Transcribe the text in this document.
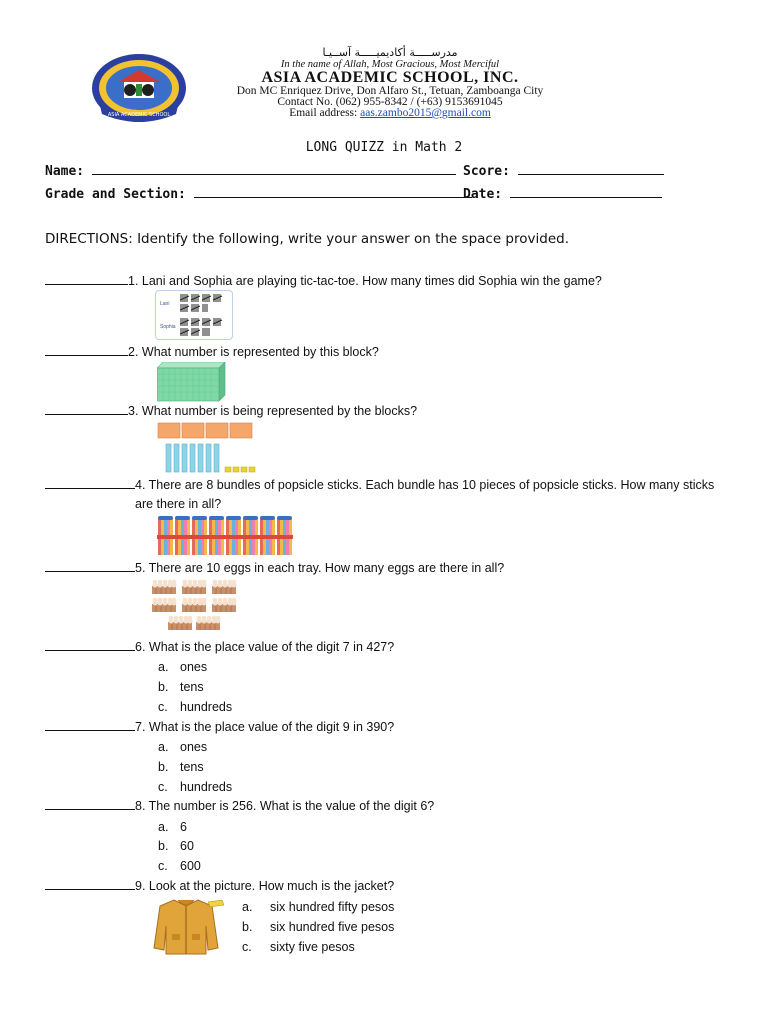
ASIA ACADEMIC SCHOOL
مدرســـــة أكاديميـــــة آســيـا
In the name of Allah, Most Gracious, Most Merciful
ASIA ACADEMIC SCHOOL, INC.
Don MC Enriquez Drive, Don Alfaro St., Tetuan, Zamboanga City
Contact No. (062) 955-8342 / (+63) 9153691045
Email address: aas.zambo2015@gmail.com
LONG QUIZZ in Math 2
Name:	Score:
Grade and Section:	Date:
DIRECTIONS: Identify the following, write your answer on the space provided.
1. Lani and Sophia are playing tic-tac-toe. How many times did Sophia win the game?
Lani
Sophia
2. What number is represented by this block?
3. What number is being represented by the blocks?
4. There are 8 bundles of popsicle sticks. Each bundle has 10 pieces of popsicle sticks. How many sticks
are there in all?
5. There are 10 eggs in each tray. How many eggs are there in all?
6. What is the place value of the digit 7 in 427?
a. ones
b. tens
c. hundreds
7. What is the place value of the digit 9 in 390?
a. ones
b. tens
c. hundreds
8. The number is 256. What is the value of the digit 6?
a. 6
b. 60
c. 600
9. Look at the picture. How much is the jacket?
a. six hundred fifty pesos
b. six hundred five pesos
c. sixty five pesos
